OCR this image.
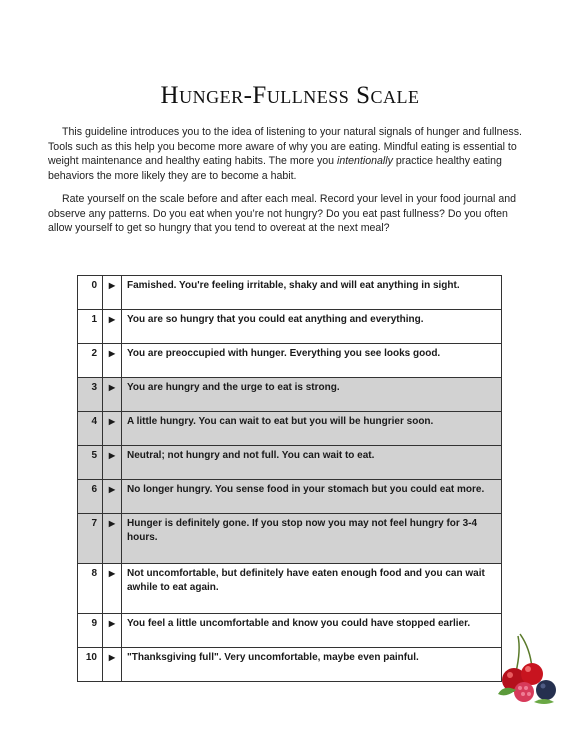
Hunger-Fullness Scale

This guideline introduces you to the idea of listening to your natural signals of hunger and fullness. Tools such as this help you become more aware of why you are eating. Mindful eating is essential to weight maintenance and healthy eating habits. The more you intentionally practice healthy eating behaviors the more likely they are to become a habit.

Rate yourself on the scale before and after each meal. Record your level in your food journal and observe any patterns. Do you eat when you’re not hungry? Do you eat past fullness? Do you often allow yourself to get so hungry that you tend to overeat at the next meal?

0	▶	Famished. You're feeling irritable, shaky and will eat anything in sight.
1	▶	You are so hungry that you could eat anything and everything.
2	▶	You are preoccupied with hunger. Everything you see looks good.
3	▶	You are hungry and the urge to eat is strong.
4	▶	A little hungry. You can wait to eat but you will be hungrier soon.
5	▶	Neutral; not hungry and not full. You can wait to eat.
6	▶	No longer hungry. You sense food in your stomach but you could eat more.
7	▶	Hunger is definitely gone. If you stop now you may not feel hungry for 3-4 hours.
8	▶	Not uncomfortable, but definitely have eaten enough food and you can wait awhile to eat again.
9	▶	You feel a little uncomfortable and know you could have stopped earlier.
10	▶	"Thanksgiving full". Very uncomfortable, maybe even painful.
